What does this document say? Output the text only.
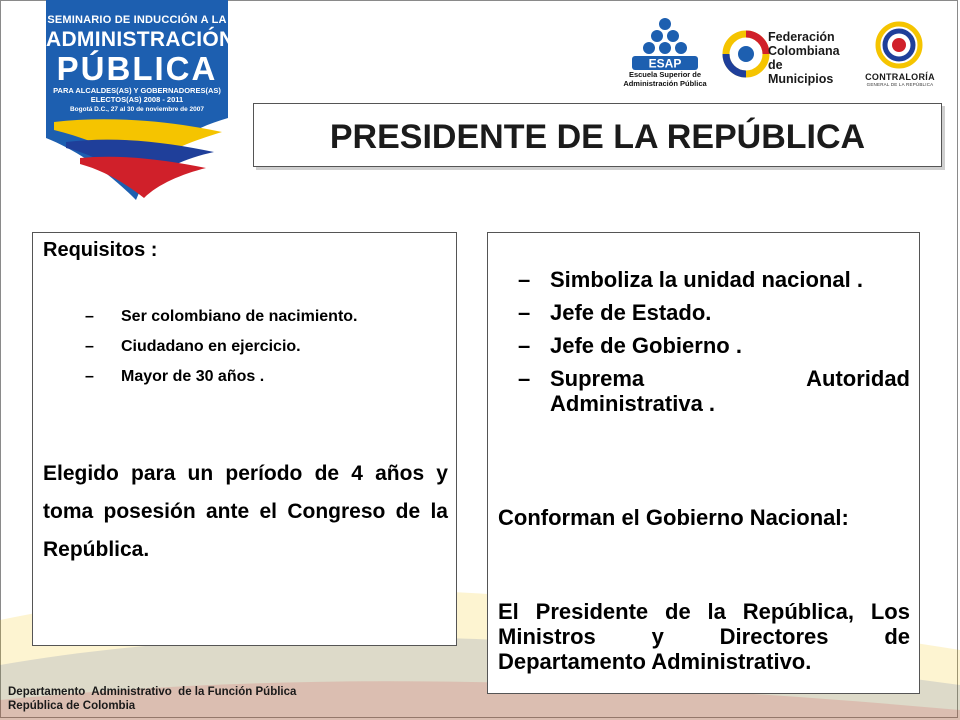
SEMINARIO DE INDUCCIÓN A LA
ADMINISTRACIÓN
PÚBLICA
PARA ALCALDES(AS) Y GOBERNADORES(AS) ELECTOS(AS) 2008 - 2011
Bogotá D.C., 27 al 30 de noviembre de 2007
ESAP
Escuela Superior de Administración Pública
Federación Colombiana de Municipios	CONTRALORÍA
GENERAL DE LA REPÚBLICA
PRESIDENTE DE LA REPÚBLICA
Requisitos :
– Ser colombiano de nacimiento.
– Ciudadano en ejercicio.
– Mayor de 30 años .
Elegido para un período de 4 años y toma posesión ante el Congreso de la República.
– Simboliza la unidad nacional .
– Jefe de Estado.
– Jefe de Gobierno .
– Suprema Autoridad Administrativa .
Conforman el Gobierno Nacional:
El Presidente de la República, Los Ministros y Directores de Departamento Administrativo.
Departamento  Administrativo  de la Función Pública
República de Colombia
